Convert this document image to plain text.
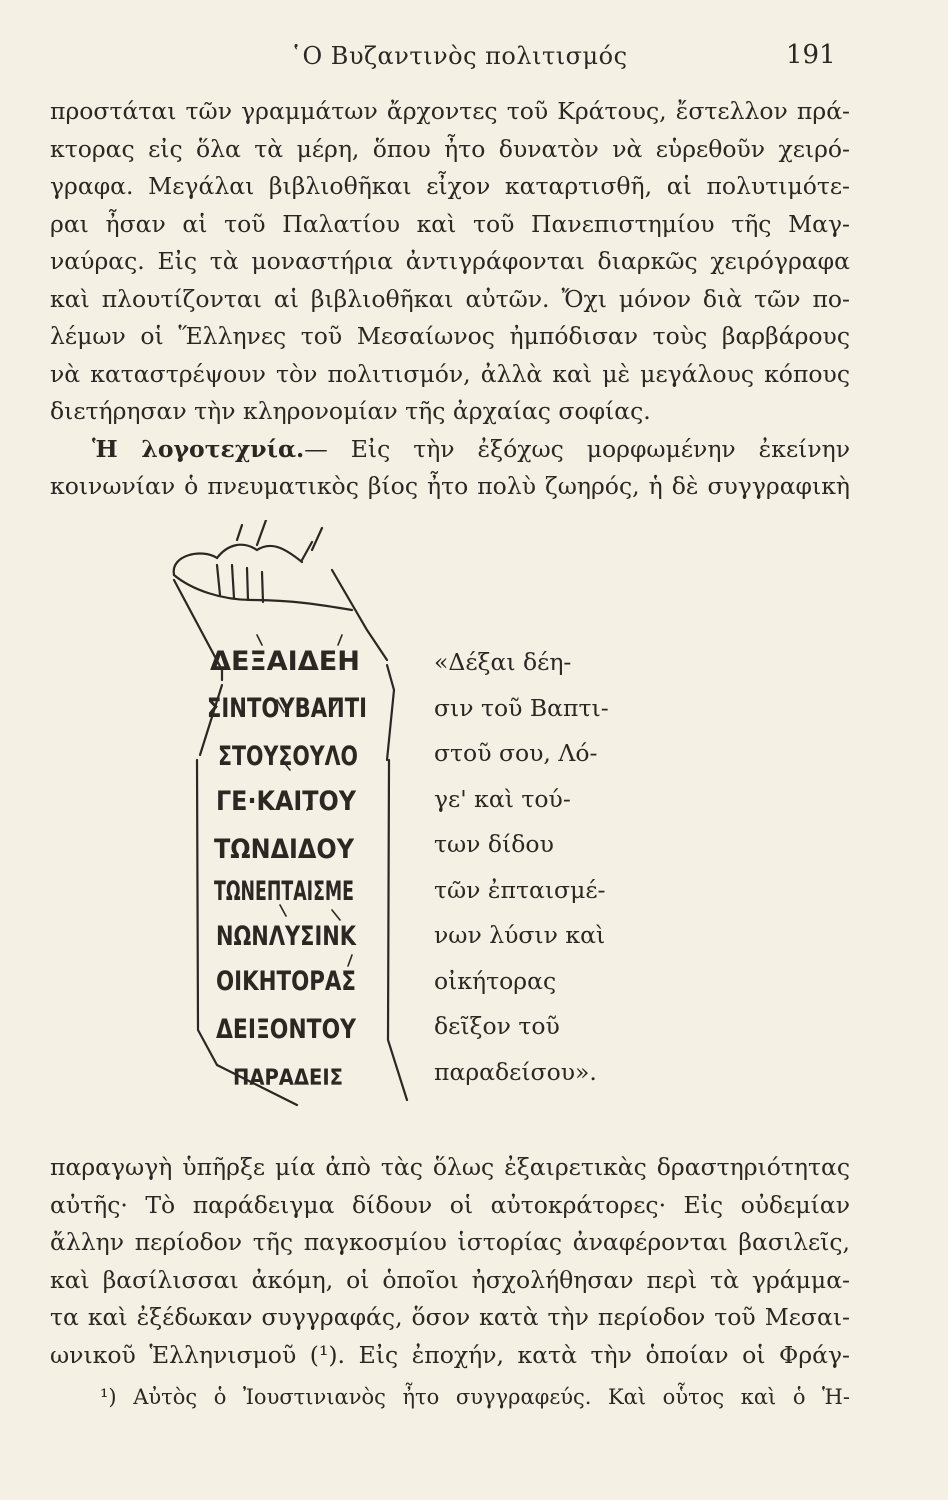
῾Ο Βυζαντινὸς πολιτισμός	191
προστάται τῶν γραμμάτων ἄρχοντες τοῦ Κράτους, ἔστελλον πρά-
κτορας εἰς ὅλα τὰ μέρη, ὅπου ἦτο δυνατὸν νὰ εὑρεθοῦν χειρό-
γραφα. Μεγάλαι βιβλιοθῆκαι εἶχον καταρτισθῆ, αἱ πολυτιμότε-
ραι ἦσαν αἱ τοῦ Παλατίου καὶ τοῦ Πανεπιστημίου τῆς Μαγ-
ναύρας. Εἰς τὰ μοναστήρια ἀντιγράφονται διαρκῶς χειρόγραφα
καὶ πλουτίζονται αἱ βιβλιοθῆκαι αὐτῶν. Ὄχι μόνον διὰ τῶν πο-
λέμων οἱ Ἕλληνες τοῦ Μεσαίωνος ἠμπόδισαν τοὺς βαρβάρους
νὰ καταστρέψουν τὸν πολιτισμόν, ἀλλὰ καὶ μὲ μεγάλους κόπους
διετήρησαν τὴν κληρονομίαν τῆς ἀρχαίας σοφίας.
Ἡ λογοτεχνία.— Εἰς τὴν ἐξόχως μορφωμένην ἐκείνην
κοινωνίαν ὁ πνευματικὸς βίος ἦτο πολὺ ζωηρός, ἡ δὲ συγγραφικὴ
ΔΕΞΑΙΔΕΗ
ΣΙΝΤΟΥΒΑΠΤΙ
ΣΤΟΥΣΟΥΛΟ
ΓΕ·ΚΑΙΤΟΥ
ΤΩΝΔΙΔΟΥ
ΤΩΝΕΠΤΑΙΣΜΕ
ΝΩΝΛΥΣΙΝΚ
ΟΙΚΗΤΟΡΑΣ
ΔΕΙΞΟΝΤΟΥ
ΠΑΡΑΔΕΙΣ
«Δέξαι δέη-
σιν τοῦ Βαπτι-
στοῦ σου, Λό-
γε' καὶ τού-
των δίδου
τῶν ἐπταισμέ-
νων λύσιν καὶ
οἰκήτορας
δεῖξον τοῦ
παραδείσου».
παραγωγὴ ὑπῆρξε μία ἀπὸ τὰς ὅλως ἐξαιρετικὰς δραστηριότητας
αὐτῆς· Τὸ παράδειγμα δίδουν οἱ αὐτοκράτορες· Εἰς οὐδεμίαν
ἄλλην περίοδον τῆς παγκοσμίου ἱστορίας ἀναφέρονται βασιλεῖς,
καὶ βασίλισσαι ἀκόμη, οἱ ὁποῖοι ἠσχολήθησαν περὶ τὰ γράμμα-
τα καὶ ἐξέδωκαν συγγραφάς, ὅσον κατὰ τὴν περίοδον τοῦ Μεσαι-
ωνικοῦ Ἑλληνισμοῦ (¹). Εἰς ἐποχήν, κατὰ τὴν ὁποίαν οἱ Φράγ-
¹) Αὐτὸς ὁ Ἰουστινιανὸς ἦτο συγγραφεύς. Καὶ οὗτος καὶ ὁ Ἡ-
